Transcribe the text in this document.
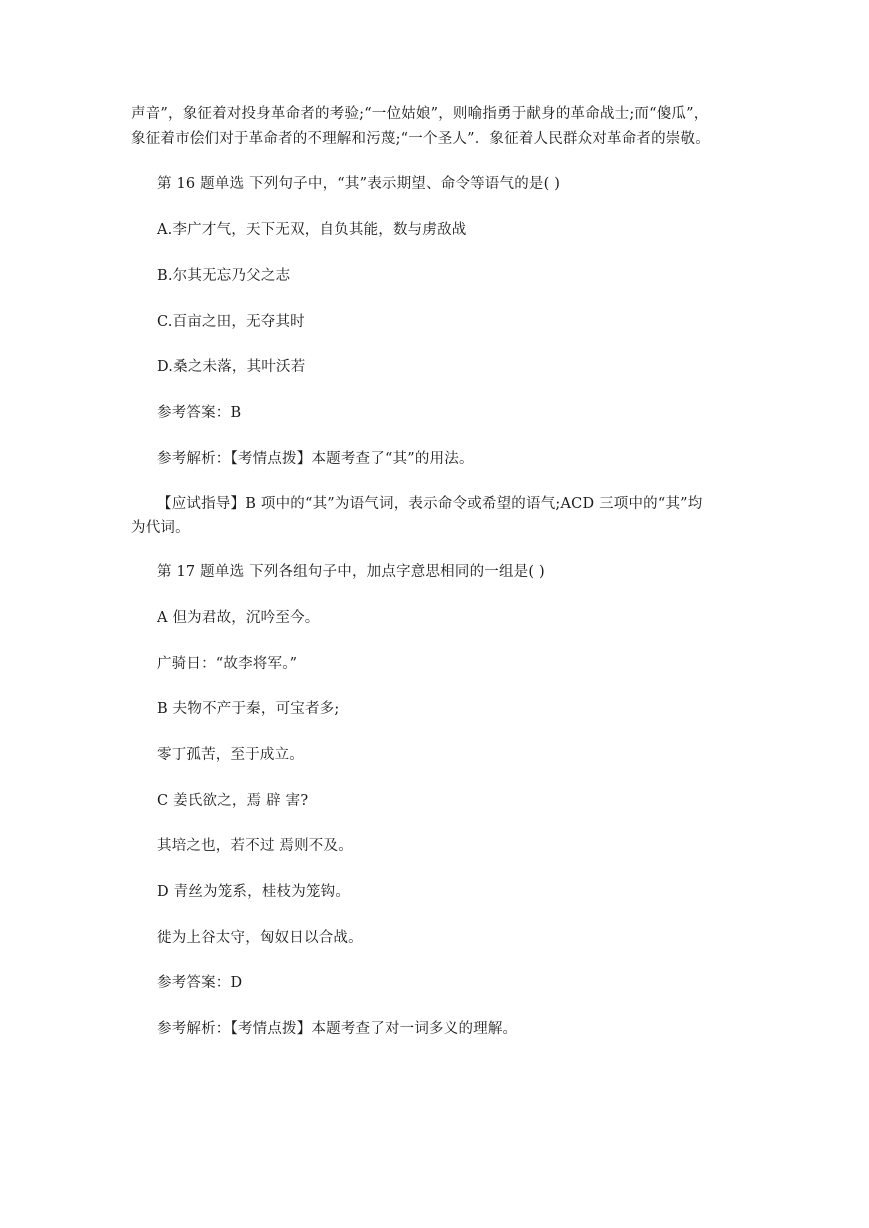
声音”，象征着对投身革命者的考验;“一位姑娘”，则喻指勇于献身的革命战士;而“傻瓜”，
象征着市侩们对于革命者的不理解和污蔑;“一个圣人”．象征着人民群众对革命者的崇敬。
第 16 题单选 下列句子中，“其”表示期望、命令等语气的是( )
A.李广才气，天下无双，自负其能，数与虏敌战
B.尔其无忘乃父之志
C.百亩之田，无夺其时
D.桑之未落，其叶沃若
参考答案：B
参考解析：【考情点拨】本题考查了“其”的用法。
【应试指导】B 项中的“其”为语气词，表示命令或希望的语气;ACD 三项中的“其”均
为代词。
第 17 题单选 下列各组句子中，加点字意思相同的一组是( )
A 但为君故，沉吟至今。
广骑日：“故李将军。”
B 夫物不产于秦，可宝者多;
零丁孤苦，至于成立。
C 姜氏欲之，焉 辟 害?
其培之也，若不过 焉则不及。
D 青丝为笼系，桂枝为笼钩。
徙为上谷太守，匈奴日以合战。
参考答案：D
参考解析：【考情点拨】本题考查了对一词多义的理解。
